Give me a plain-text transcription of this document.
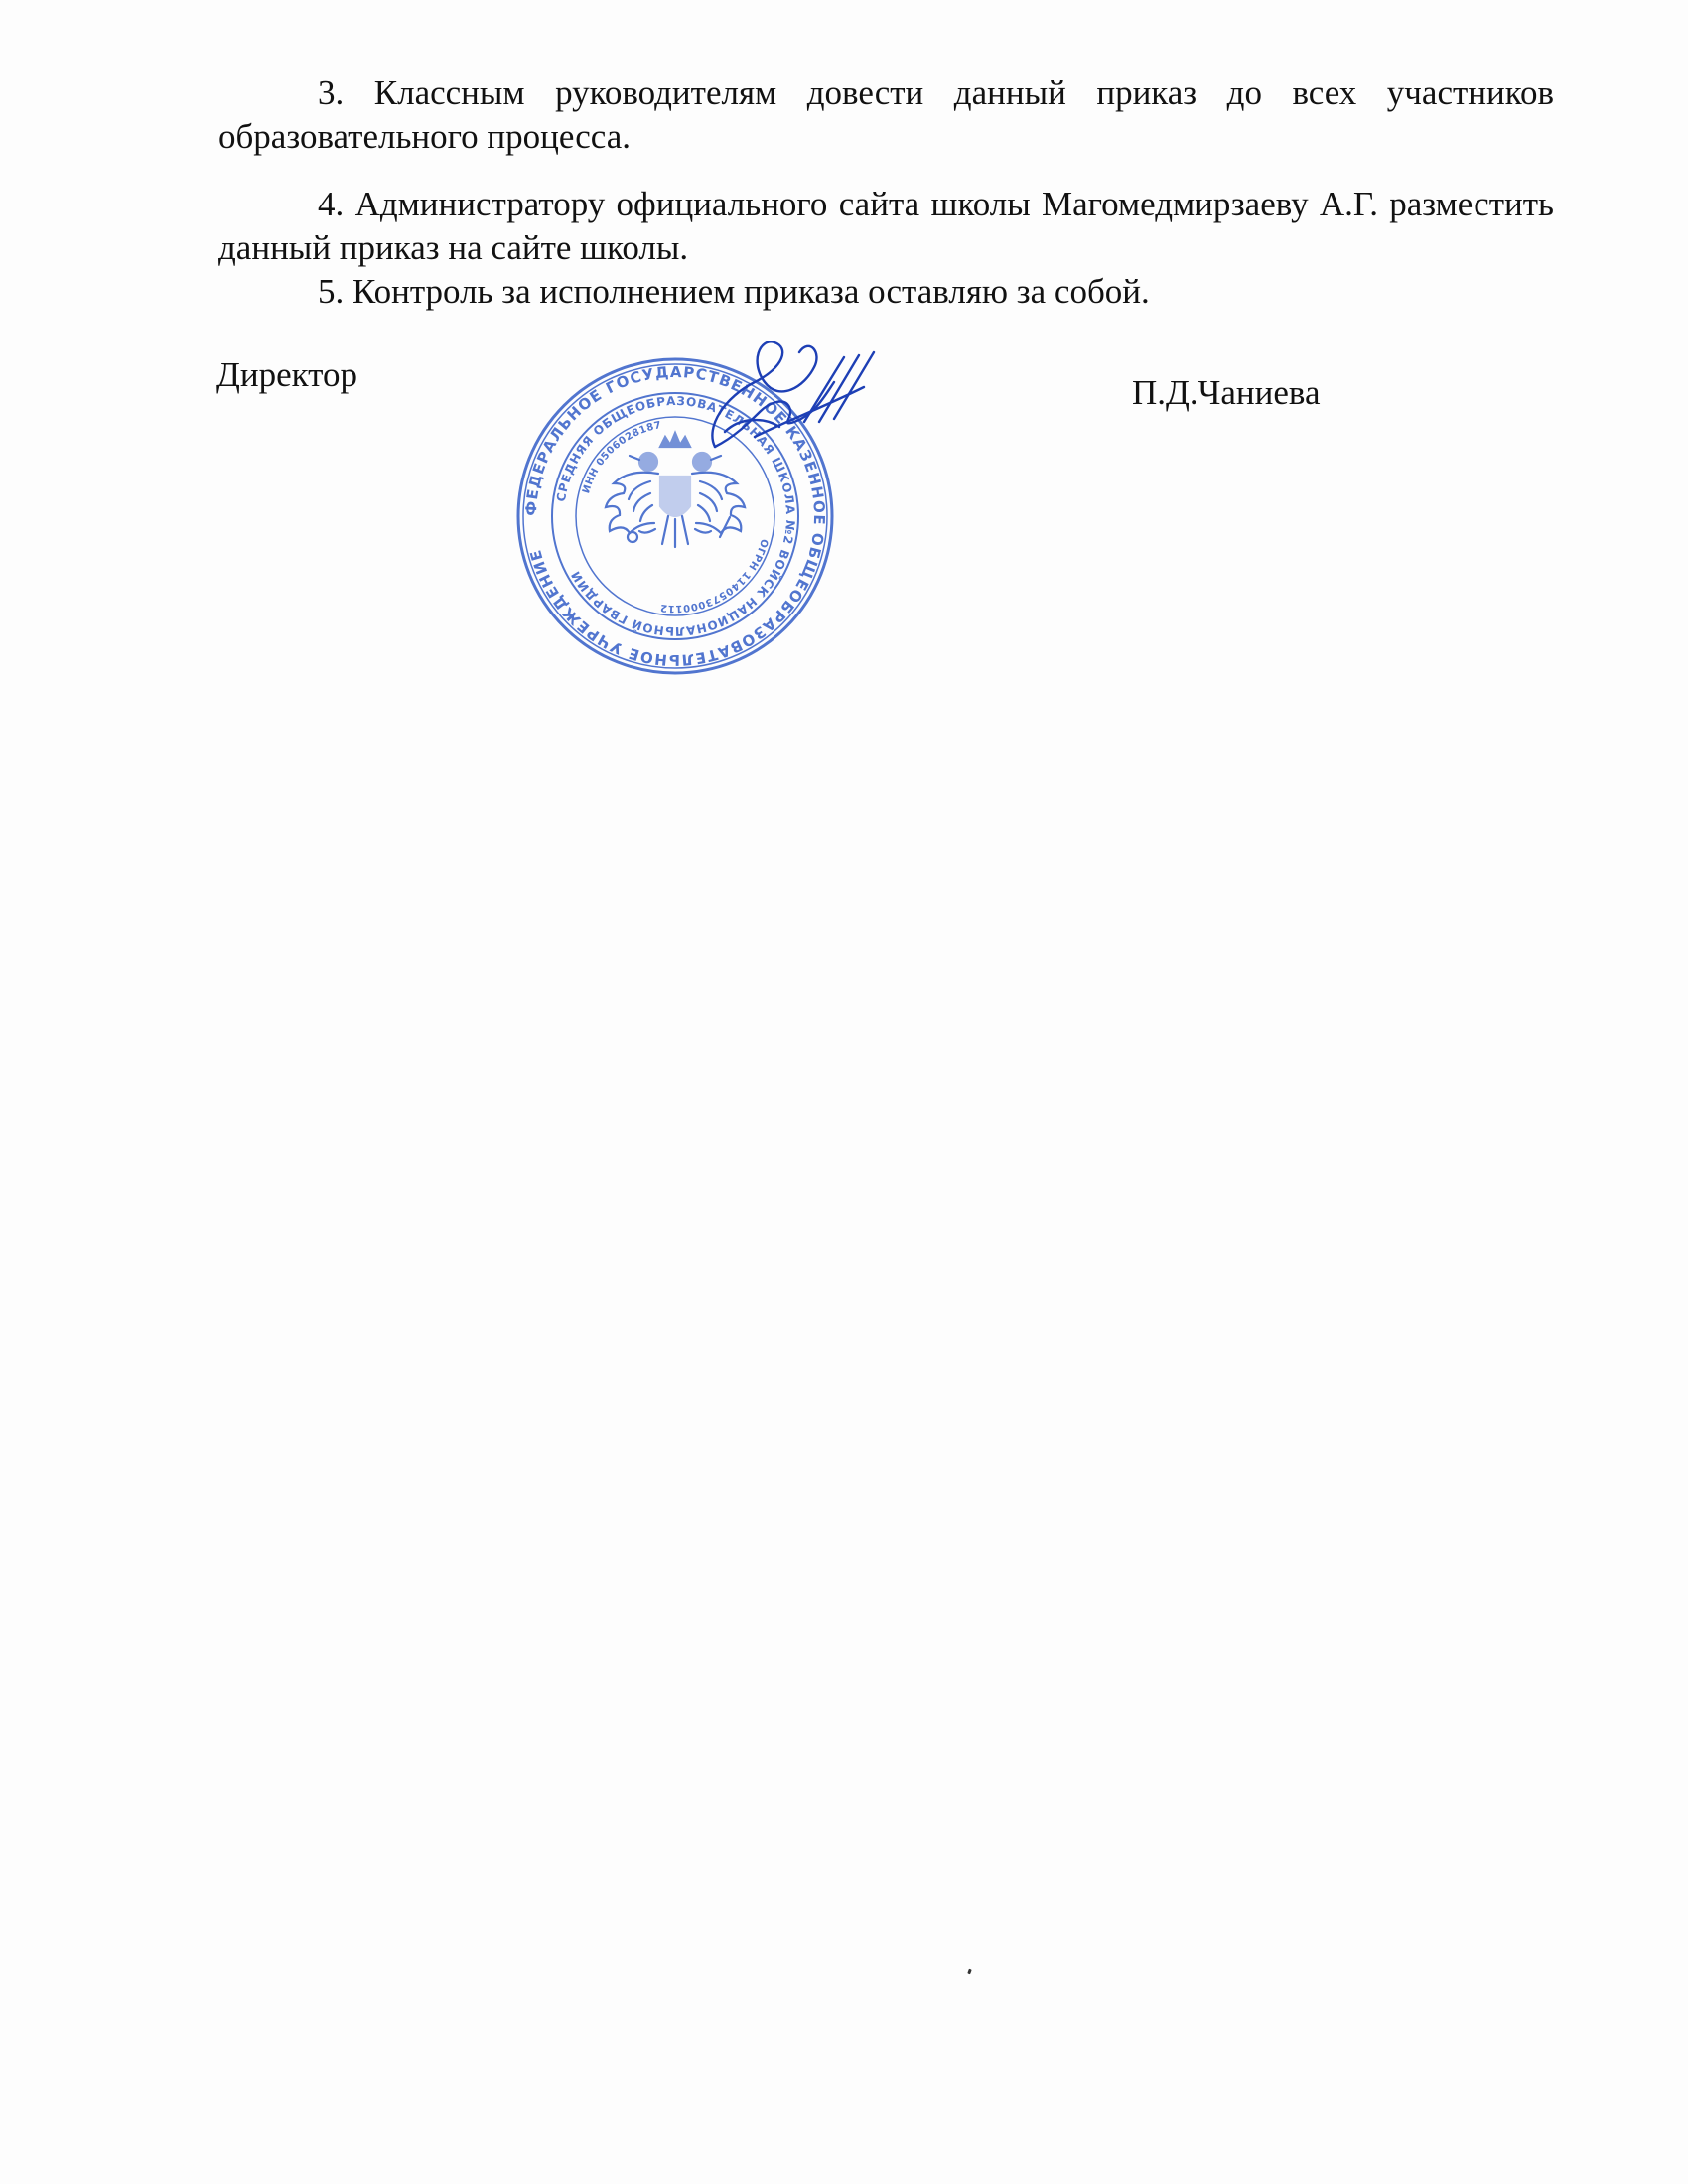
3. Классным руководителям довести данный приказ до всех участников образовательного процесса.

4. Администратору официального сайта школы Магомедмирзаеву А.Г. разместить данный приказ на сайте школы.

5. Контроль за исполнением приказа оставляю за собой.

Директор	П.Д.Чаниева
ФЕДЕРАЛЬНОЕ ГОСУДАРСТВЕННОЕ КАЗЕННОЕ ОБЩЕОБРАЗОВАТЕЛЬНОЕ УЧРЕЖДЕНИЕ
СРЕДНЯЯ ОБЩЕОБРАЗОВАТЕЛЬНАЯ ШКОЛА №2 ВОЙСК НАЦИОНАЛЬНОЙ ГВАРДИИ
ИНН 0506028187
ОГРН 1140573000112
